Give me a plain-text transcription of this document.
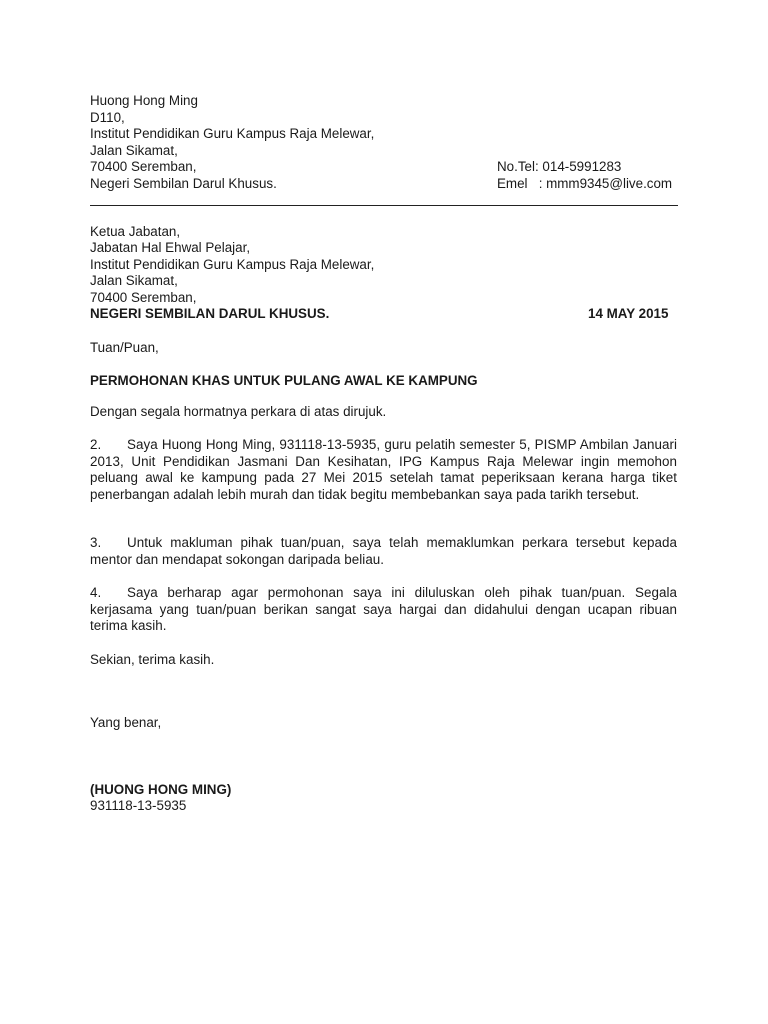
Huong Hong Ming
D110,
Institut Pendidikan Guru Kampus Raja Melewar,
Jalan Sikamat,
70400 Seremban,
Negeri Sembilan Darul Khusus.
No.Tel: 014-5991283
Emel : mmm9345@live.com
Ketua Jabatan,
Jabatan Hal Ehwal Pelajar,
Institut Pendidikan Guru Kampus Raja Melewar,
Jalan Sikamat,
70400 Seremban,
NEGERI SEMBILAN DARUL KHUSUS.	14 MAY 2015
Tuan/Puan,
PERMOHONAN KHAS UNTUK PULANG AWAL KE KAMPUNG
Dengan segala hormatnya perkara di atas dirujuk.
2. Saya Huong Hong Ming, 931118-13-5935, guru pelatih semester 5, PISMP Ambilan Januari 2013, Unit Pendidikan Jasmani Dan Kesihatan, IPG Kampus Raja Melewar ingin memohon peluang awal ke kampung pada 27 Mei 2015 setelah tamat peperiksaan kerana harga tiket penerbangan adalah lebih murah dan tidak begitu membebankan saya pada tarikh tersebut.
3. Untuk makluman pihak tuan/puan, saya telah memaklumkan perkara tersebut kepada mentor dan mendapat sokongan daripada beliau.
4. Saya berharap agar permohonan saya ini diluluskan oleh pihak tuan/puan. Segala kerjasama yang tuan/puan berikan sangat saya hargai dan didahului dengan ucapan ribuan terima kasih.
Sekian, terima kasih.
Yang benar,
(HUONG HONG MING)
931118-13-5935
